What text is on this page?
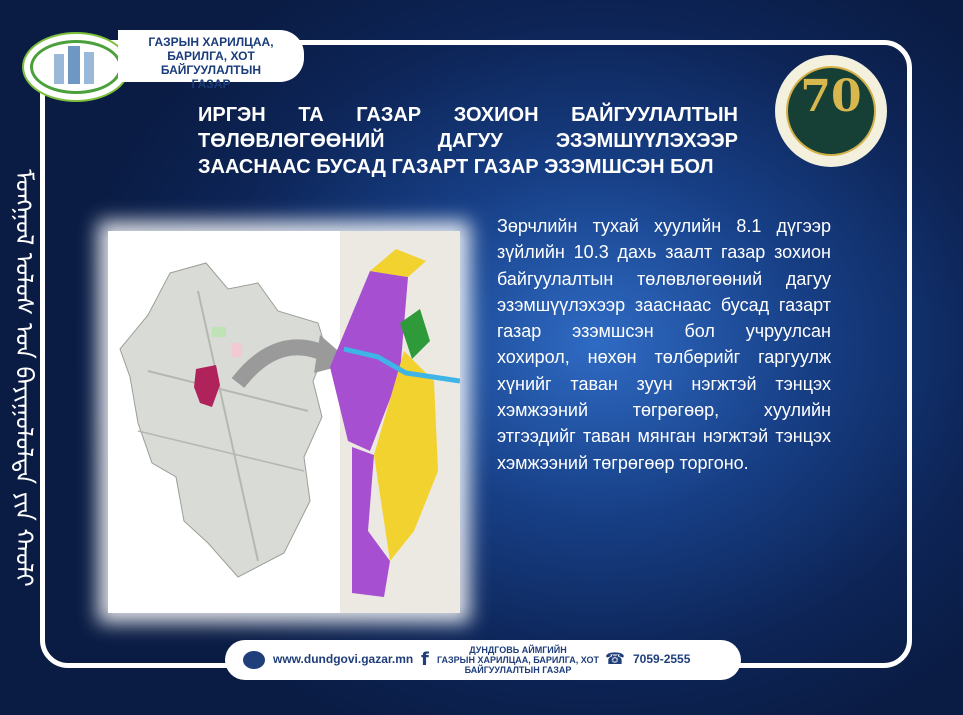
ГАЗРЫН ХАРИЛЦАА,
БАРИЛГА, ХОТ БАЙГУУЛАЛТЫН
ГАЗАР	70
ᠮᠣᠩᠭᠣᠯ ᠤᠯᠤᠰ ᠤᠨ ᠪᠠᠶᠢᠭᠤᠯᠤᠯᠲᠠ ᠶᠢᠨ ᠬᠠᠤᠯᠢ
ИРГЭН ТА ГАЗАР ЗОХИОН БАЙГУУЛАЛТЫН ТӨЛӨВЛӨГӨӨНИЙ ДАГУУ ЭЗЭМШҮҮЛЭХЭЭР ЗААСНААС БУСАД ГАЗАРТ ГАЗАР ЭЗЭМШСЭН БОЛ

Зөрчлийн тухай хуулийн 8.1 дүгээр зүйлийн 10.3 дахь заалт газар зохион байгуулалтын төлөвлөгөөний дагуу эзэмшүүлэхээр зааснаас бусад газарт газар эзэмшсэн бол учруулсан хохирол, нөхөн төлбөрийг гаргуулж хүнийг таван зуун нэгжтэй тэнцэх хэмжээний төгрөгөөр, хуулийн этгээдийг таван мянган нэгжтэй тэнцэх хэмжээний төгрөгөөр торгоно.

www.dundgovi.gazar.mn f	ДУНДГОВЬ АЙМГИЙН
ГАЗРЫН ХАРИЛЦАА, БАРИЛГА, ХОТ
БАЙГУУЛАЛТЫН ГАЗАР
☎ 7059-2555
